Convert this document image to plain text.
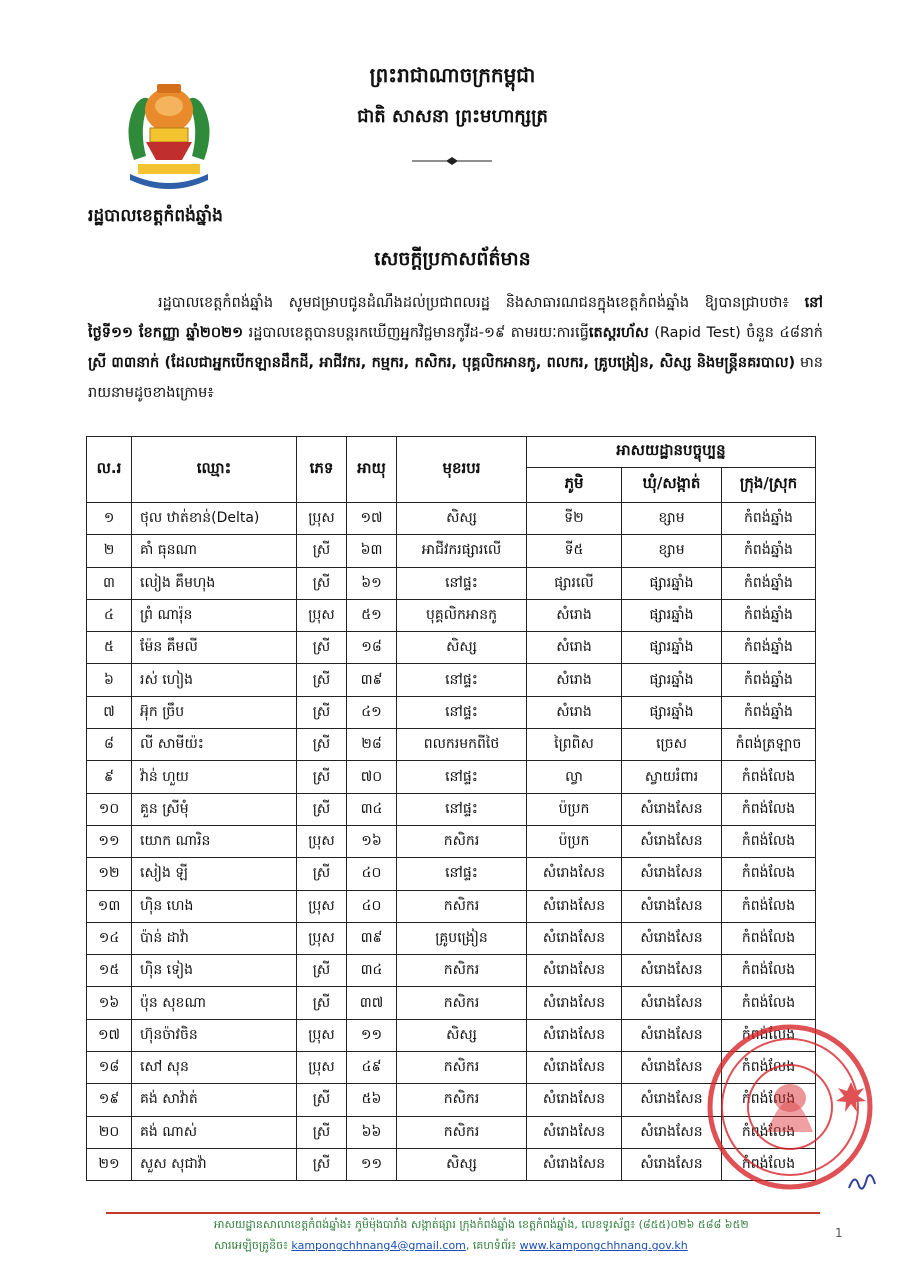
ព្រះរាជាណាចក្រកម្ពុជា
ជាតិ សាសនា ព្រះមហាក្សត្រ
រដ្ឋបាលខេត្តកំពង់ឆ្នាំង
សេចក្ដីប្រកាសព័ត៌មាន
រដ្ឋបាលខេត្តកំពង់ឆ្នាំង សូមជម្រាបជូនដំណឹងដល់ប្រជាពលរដ្ឋ និងសាធារណជនក្នុងខេត្តកំពង់ឆ្នាំង ឱ្យបានជ្រាបថា៖ នៅថ្ងៃទី១១ ខែកញ្ញា ឆ្នាំ២០២១ រដ្ឋបាលខេត្តបានបន្តរកឃើញអ្នកវិជ្ជមានកូវីដ-១៩ តាមរយៈការធ្វើតេស្តរហ័ស (Rapid Test) ចំនួន ៤៨នាក់ ស្រី ៣៣នាក់ (ដែលជាអ្នកបើកឡានដឹកដី, អាជីវករ, កម្មករ, កសិករ, បុគ្គលិកអានកូ, ពលករ, គ្រូបង្រៀន, សិស្ស និងមន្ត្រីនគរបាល) មានរាយនាមដូចខាងក្រោម៖
ល.រ	ឈ្មោះ	ភេទ	អាយុ	មុខរបរ	អាសយដ្ឋានបច្ចុប្បន្ន		
					ភូមិ	ឃុំ/សង្កាត់	ក្រុង/ស្រុក
១	ថុល ឋាត់ខាន់(Delta)	ប្រុស	១៧	សិស្ស	ទី២	ខ្សាម	កំពង់ឆ្នាំង
២	គាំ ធុនណា	ស្រី	៦៣	អាជីវករផ្សារលើ	ទី៥	ខ្សាម	កំពង់ឆ្នាំង
៣	លៀង គឹមហុង	ស្រី	៦១	នៅផ្ទះ	ផ្សារលើ	ផ្សារឆ្នាំង	កំពង់ឆ្នាំង
៤	ព្រំ ណារ៉ុន	ប្រុស	៥១	បុគ្គលិកអានកូ	សំរោង	ផ្សារឆ្នាំង	កំពង់ឆ្នាំង
៥	ម៉ែន គឹមលី	ស្រី	១៨	សិស្ស	សំរោង	ផ្សារឆ្នាំង	កំពង់ឆ្នាំង
៦	រស់ ហៀង	ស្រី	៣៩	នៅផ្ទះ	សំរោង	ផ្សារឆ្នាំង	កំពង់ឆ្នាំង
៧	អ៊ុក ច្រឹប	ស្រី	៤១	នៅផ្ទះ	សំរោង	ផ្សារឆ្នាំង	កំពង់ឆ្នាំង
៨	លី សាមីយ៉ះ	ស្រី	២៨	ពលករមកពីថៃ	ព្រៃពិស	ច្រេស	កំពង់ត្រឡាច
៩	វ៉ាន់ ហួយ	ស្រី	៧០	នៅផ្ទះ	ល្វា	ស្វាយរំពារ	កំពង់លែង
១០	គួន ស្រីមុំ	ស្រី	៣៤	នៅផ្ទះ	ប៉ប្រក	សំរោងសែន	កំពង់លែង
១១	យោក ណារិន	ប្រុស	១៦	កសិករ	ប៉ប្រក	សំរោងសែន	កំពង់លែង
១២	សៀង ឡី	ស្រី	៤០	នៅផ្ទះ	សំរោងសែន	សំរោងសែន	កំពង់លែង
១៣	ហ៊ិន ហេង	ប្រុស	៤០	កសិករ	សំរោងសែន	សំរោងសែន	កំពង់លែង
១៤	ប៉ាន់ ដាវ៉ា	ប្រុស	៣៩	គ្រូបង្រៀន	សំរោងសែន	សំរោងសែន	កំពង់លែង
១៥	ហ៊ិន ទៀង	ស្រី	៣៤	កសិករ	សំរោងសែន	សំរោងសែន	កំពង់លែង
១៦	ប៉ុន សុខណា	ស្រី	៣៧	កសិករ	សំរោងសែន	សំរោងសែន	កំពង់លែង
១៧	ហ៊ុនច៉ាវចិន	ប្រុស	១១	សិស្ស	សំរោងសែន	សំរោងសែន	កំពង់លែង
១៨	សៅ សុន	ប្រុស	៤៩	កសិករ	សំរោងសែន	សំរោងសែន	កំពង់លែង
១៩	គង់ សាវ៉ាត់	ស្រី	៥៦	កសិករ	សំរោងសែន	សំរោងសែន	កំពង់លែង
២០	គង់ ណាស់	ស្រី	៦៦	កសិករ	សំរោងសែន	សំរោងសែន	កំពង់លែង
២១	សួស សុជាវ៉ា	ស្រី	១១	សិស្ស	សំរោងសែន	សំរោងសែន	កំពង់លែង
អាសយដ្ឋានសាលាខេត្តកំពង់ឆ្នាំង៖ ភូមិម៉ុងបារាំង សង្កាត់ផ្សារ ក្រុងកំពង់ឆ្នាំង ខេត្តកំពង់ឆ្នាំង, លេខទូរស័ព្ទ៖ (៨៥៥)០២៦ ៥៨៨ ៦៥២
សារអេឡិចត្រូនិច៖ kampongchhnang4@gmail.com, គេហទំព័រ៖ www.kampongchhnang.gov.kh
1
